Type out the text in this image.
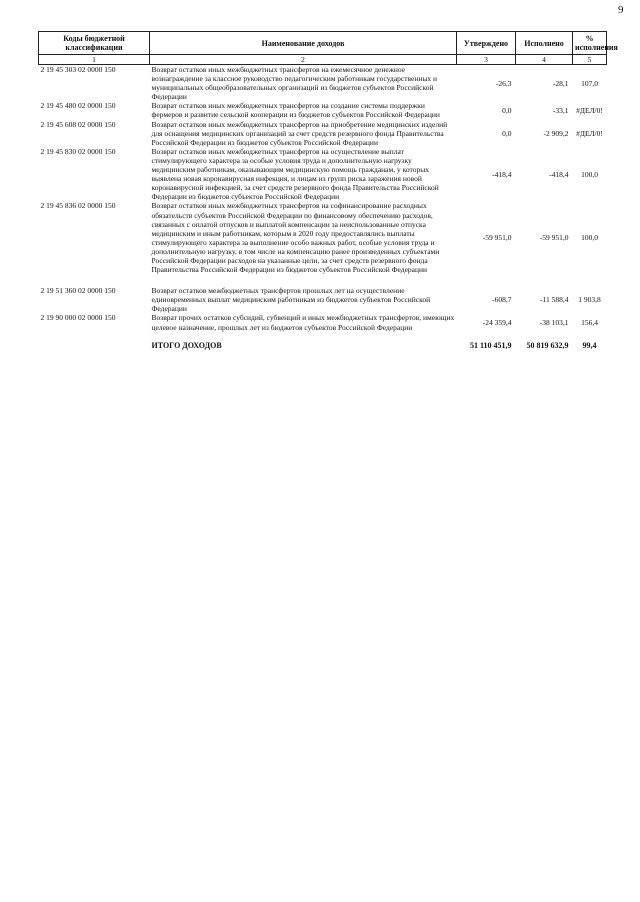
9
Коды бюджетной классификации	Наименование доходов	Утверждено	Исполнено	% исполнения
1	2	3	4	5
2 19 45 303 02 0000 150	Возврат остатков иных межбюджетных трансфертов на ежемесячное денежное вознаграждение за классное руководство педагогическим работникам государственных и муниципальных общеобразовательных организаций из бюджетов субъектов Российской Федерации	-26,3	-28,1	107,0
2 19 45 480 02 0000 150	Возврат остатков иных межбюджетных трансфертов на создание системы поддержки фермеров и развитие сельской кооперации из бюджетов субъектов Российской Федерации	0,0	-33,1	#ДЕЛ/0!
2 19 45 608 02 0000 150	Возврат остатков иных межбюджетных трансфертов на приобретение медицинских изделий для оснащения медицинских организаций за счет средств резервного фонда Правительства Российской Федерации из бюджетов субъектов Российской Федерации	0,0	-2 909,2	#ДЕЛ/0!
2 19 45 830 02 0000 150	Возврат остатков иных межбюджетных трансфертов на осуществление выплат стимулирующего характера за особые условия труда и дополнительную нагрузку медицинским работникам, оказывающим медицинскую помощь гражданам, у которых выявлена новая коронавирусная инфекция, и лицам из групп риска заражения новой коронавирусной инфекцией, за счет средств резервного фонда Правительства Российской Федерации из бюджетов субъектов Российской Федерации	-418,4	-418,4	100,0
2 19 45 836 02 0000 150	Возврат остатков иных межбюджетных трансфертов на софинансирование расходных обязательств субъектов Российской Федерации по финансовому обеспечению расходов, связанных с оплатой отпусков и выплатой компенсации за неиспользованные отпуска медицинским и иным работникам, которым в 2020 году предоставлялись выплаты стимулирующего характера за выполнение особо важных работ, особые условия труда и дополнительную нагрузку, в том числе на компенсацию ранее произведенных субъектами Российской Федерации расходов на указанные цели, за счет средств резервного фонда Правительства Российской Федерации из бюджетов субъектов Российской Федерации	-59 951,0	-59 951,0	100,0
2 19 51 360 02 0000 150	Возврат остатков межбюджетных трансфертов прошлых лет на осуществление единовременных выплат медицинским работникам из бюджетов субъектов Российской Федерации	-608,7	-11 588,4	1 903,8
2 19 90 000 02 0000 150	Возврат прочих остатков субсидий, субвенций и иных межбюджетных трансфертов, имеющих целевое назначение, прошлых лет из бюджетов субъектов Российской Федерации	-24 359,4	-38 103,1	156,4
	ИТОГО ДОХОДОВ	51 110 451,9	50 819 632,9	99,4
